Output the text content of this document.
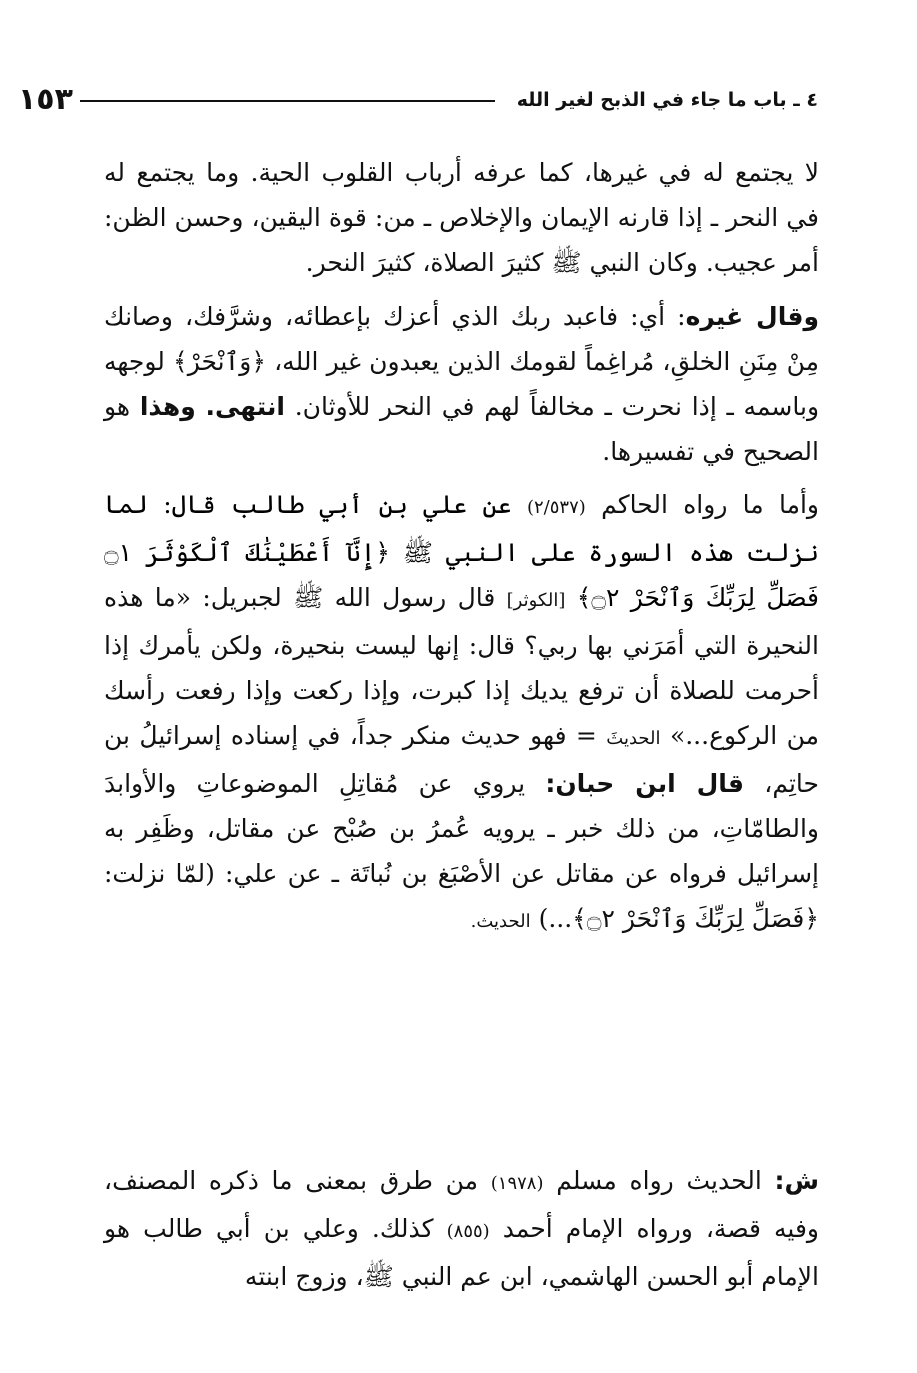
١٥٣	٤ ـ باب ما جاء في الذبح لغير الله

لا يجتمع له في غيرها، كما عرفه أرباب القلوب الحية. وما يجتمع له في النحر ـ إذا قارنه الإيمان والإخلاص ـ من: قوة اليقين، وحسن الظن: أمر عجيب. وكان النبي ﷺ كثيرَ الصلاة، كثيرَ النحر.

وقال غيره: أي: فاعبد ربك الذي أعزك بإعطائه، وشرَّفك، وصانك مِنْ مِنَنِ الخلقِ، مُراغِماً لقومك الذين يعبدون غير الله، ﴿وَٱنْحَرْ﴾ لوجهه وباسمه ـ إذا نحرت ـ مخالفاً لهم في النحر للأوثان. انتهى. وهذا هو الصحيح في تفسيرها.

وأما ما رواه الحاكم (٢/٥٣٧) عن علي بن أبي طالب قال: لما نزلت هذه السورة على النبي ﷺ ﴿إِنَّآ أَعْطَيْنَٰكَ ٱلْكَوْثَرَ ۝١ فَصَلِّ لِرَبِّكَ وَٱنْحَرْ ۝٢﴾ [الكوثر] قال رسول الله ﷺ لجبريل: «ما هذه النحيرة التي أمَرَني بها ربي؟ قال: إنها ليست بنحيرة، ولكن يأمرك إذا أحرمت للصلاة أن ترفع يديك إذا كبرت، وإذا ركعت وإذا رفعت رأسك من الركوع...» الحديثَ = فهو حديث منكر جداً، في إسناده إسرائيلُ بن حاتِم، قال ابن حبان: يروي عن مُقاتِلِ الموضوعاتِ والأوابدَ والطامّاتِ، من ذلك خبر ـ يرويه عُمرُ بن صُبْح عن مقاتل، وظَفِر به إسرائيل فرواه عن مقاتل عن الأصْبَغ بن نُباتَة ـ عن علي: (لمّا نزلت: ﴿فَصَلِّ لِرَبِّكَ وَٱنْحَرْ ۝٢﴾...) الحديث.

ش: الحديث رواه مسلم (١٩٧٨) من طرق بمعنى ما ذكره المصنف، وفيه قصة، ورواه الإمام أحمد (٨٥٥) كذلك. وعلي بن أبي طالب هو الإمام أبو الحسن الهاشمي، ابن عم النبي ﷺ، وزوج ابنته
